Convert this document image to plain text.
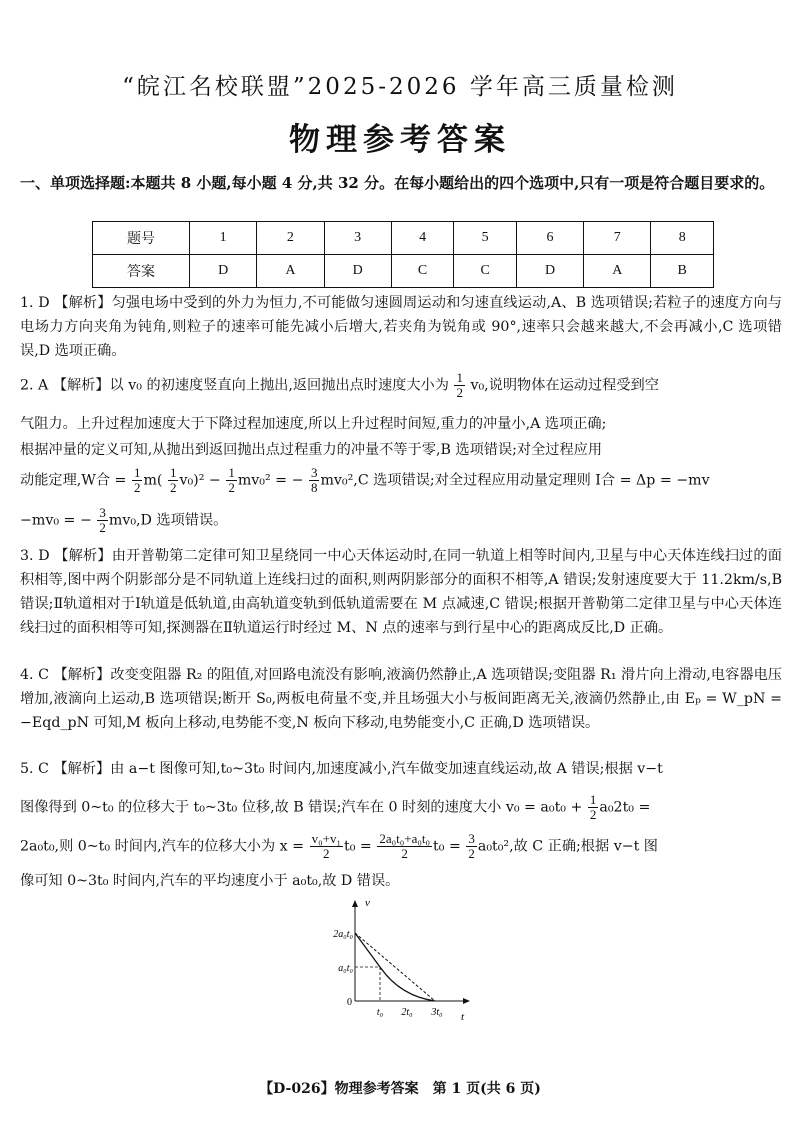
“皖江名校联盟”2025-2026 学年高三质量检测
物理参考答案
一、单项选择题:本题共 8 小题,每小题 4 分,共 32 分。在每小题给出的四个选项中,只有一项是符合题目要求的。
题号	1	2	3	4	5	6	7	8
答案	D	A	D	C	C	D	A	B
1. D 【解析】匀强电场中受到的外力为恒力,不可能做匀速圆周运动和匀速直线运动,A、B 选项错误;若粒子的速度方向与电场力方向夹角为钝角,则粒子的速率可能先减小后增大,若夹角为锐角或 90°,速率只会越来越大,不会再减小,C 选项错误,D 选项正确。
2. A 【解析】以 v₀ 的初速度竖直向上抛出,返回抛出点时速度大小为 $\frac{1}{2} v_0$,说明物体在运动过程受到空
气阻力。上升过程加速度大于下降过程加速度,所以上升过程时间短,重力的冲量小,A 选项正确;
根据冲量的定义可知,从抛出到返回抛出点过程重力的冲量不等于零,B 选项错误;对全过程应用
动能定理,W合 = $\frac{1}{2} m( \frac{1}{2} v_0)^2 - \frac{1}{2} mv_0^2$ = − $\frac{3}{8} mv_0^2,C$ 选项错误;对全过程应用动量定理则 I合 = Δp = −mv
−mv₀ = − $\frac{3}{2} mv_0,D$ 选项错误。
3. D 【解析】由开普勒第二定律可知卫星绕同一中心天体运动时,在同一轨道上相等时间内,卫星与中心天体连线扫过的面积相等,图中两个阴影部分是不同轨道上连线扫过的面积,则两阴影部分的面积不相等,A 错误;发射速度要大于 11.2km/s,B 错误;Ⅱ轨道相对于Ⅰ轨道是低轨道,由高轨道变轨到低轨道需要在 M 点减速,C 错误;根据开普勒第二定律卫星与中心天体连线扫过的面积相等可知,探测器在Ⅱ轨道运行时经过 M、N 点的速率与到行星中心的距离成反比,D 正确。
4. C 【解析】改变变阻器 R₂ 的阻值,对回路电流没有影响,液滴仍然静止,A 选项错误;变阻器 R₁ 滑片向上滑动,电容器电压增加,液滴向上运动,B 选项错误;断开 S₀,两板电荷量不变,并且场强大小与板间距离无关,液滴仍然静止,由 Eₚ = W_pN = −Eqd_pN 可知,M 板向上移动,电势能不变,N 板向下移动,电势能变小,C 正确,D 选项错误。
5. C 【解析】由 a−t 图像可知,t₀~3t₀ 时间内,加速度减小,汽车做变加速直线运动,故 A 错误;根据 v−t
图像得到 0~t₀ 的位移大于 t₀~3t₀ 位移,故 B 错误;汽车在 0 时刻的速度大小 $v_0 = a_0t_0 + \frac{1}{2} a_02t_0$ =
2a₀t₀,则 0~t₀ 时间内,汽车的位移大小为 $x = \frac{\text{v₀+v₁}}{2} t_0 = \frac{\text{2a₀t₀+a₀t₀}}{2} t_0 = \frac{3}{2} a_0t_0^2$,故 C 正确;根据 v−t 图
像可知 0~3t₀ 时间内,汽车的平均速度小于 a₀t₀,故 D 错误。
v
t
2a₀t₀
a₀t₀
0
t₀ 2t₀ 3t₀
【D-026】物理参考答案　第 1 页(共 6 页)
